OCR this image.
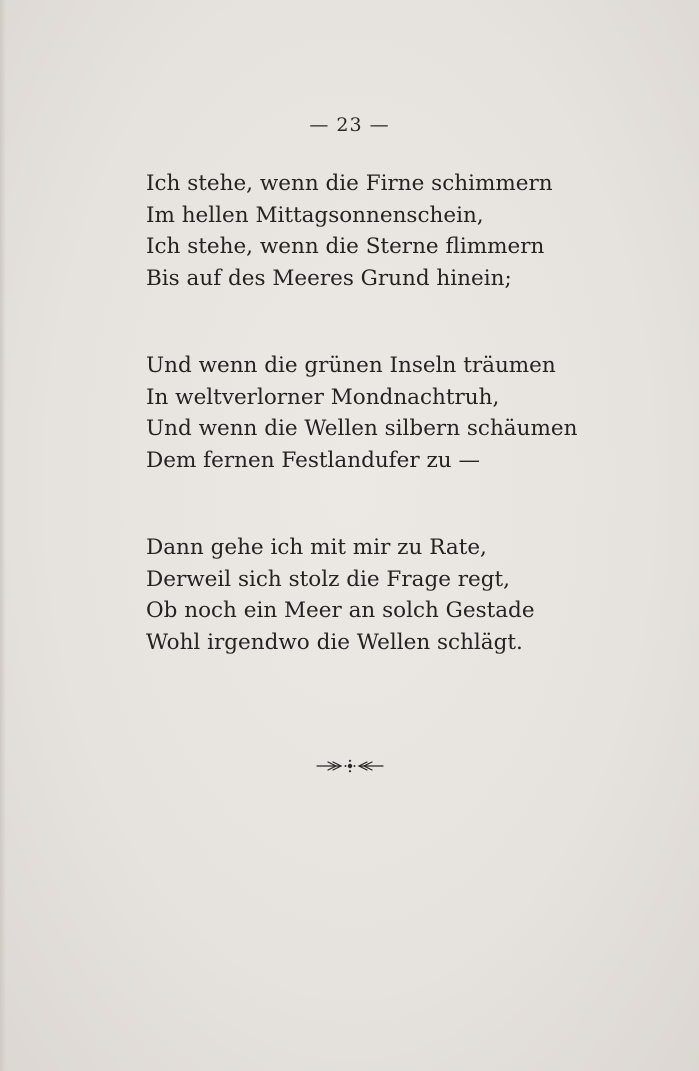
— 23 —
Ich stehe, wenn die Firne schimmern
Im hellen Mittagsonnenschein,
Ich stehe, wenn die Sterne flimmern
Bis auf des Meeres Grund hinein;
Und wenn die grünen Inseln träumen
In weltverlorner Mondnachtruh,
Und wenn die Wellen silbern schäumen
Dem fernen Festlandufer zu —
Dann gehe ich mit mir zu Rate,
Derweil sich stolz die Frage regt,
Ob noch ein Meer an solch Gestade
Wohl irgendwo die Wellen schlägt.
